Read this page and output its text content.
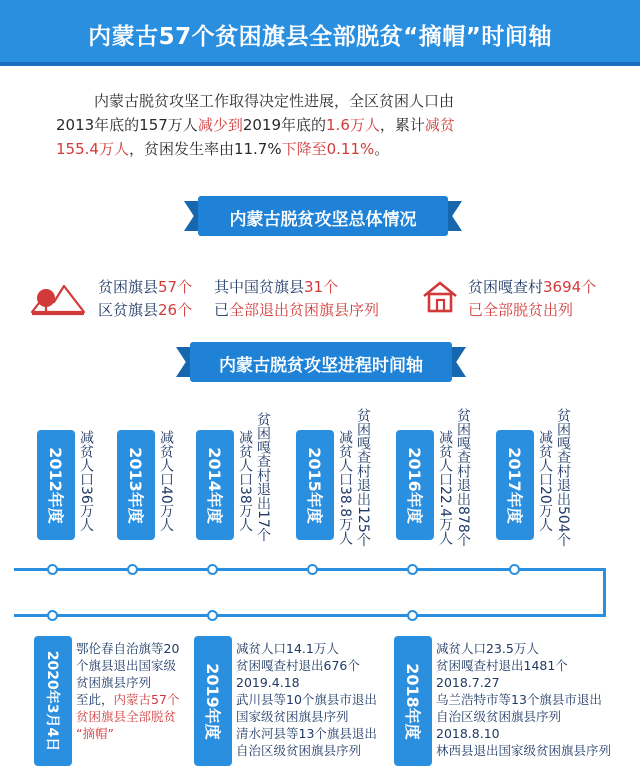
内蒙古57个贫困旗县全部脱贫“摘帽”时间轴
内蒙古脱贫攻坚工作取得决定性进展，全区贫困人口由
2013年底的157万人减少到2019年底的1.6万人，累计减贫
155.4万人，贫困发生率由11.7%下降至0.11%。
内蒙古脱贫攻坚总体情况
贫困旗县57个
区贫旗县26个
其中国贫旗县31个
已全部退出贫困旗县序列
贫困嘎查村3694个
已全部脱贫出列
内蒙古脱贫攻坚进程时间轴
2012年度 减贫人口36万人 2013年度 减贫人口40万人 2014年度 减贫人口38万人 贫困嘎查村退出17个 2015年度 减贫人口38.8万人 贫困嘎查村退出125个 2016年度 减贫人口22.4万人 贫困嘎查村退出878个 2017年度 减贫人口20万人 贫困嘎查村退出504个
2020年3月4日
鄂伦春自治旗等20
个旗县退出国家级
贫困旗县序列
至此，内蒙古57个
贫困旗县全部脱贫
“摘帽”	2019年度
减贫人口14.1万人
贫困嘎查村退出676个
2019.4.18
武川县等10个旗县市退出
国家级贫困旗县序列
清水河县等13个旗县退出
自治区级贫困旗县序列
2018年度
减贫人口23.5万人
贫困嘎查村退出1481个
2018.7.27
乌兰浩特市等13个旗县市退出
自治区级贫困旗县序列
2018.8.10
林西县退出国家级贫困旗县序列
